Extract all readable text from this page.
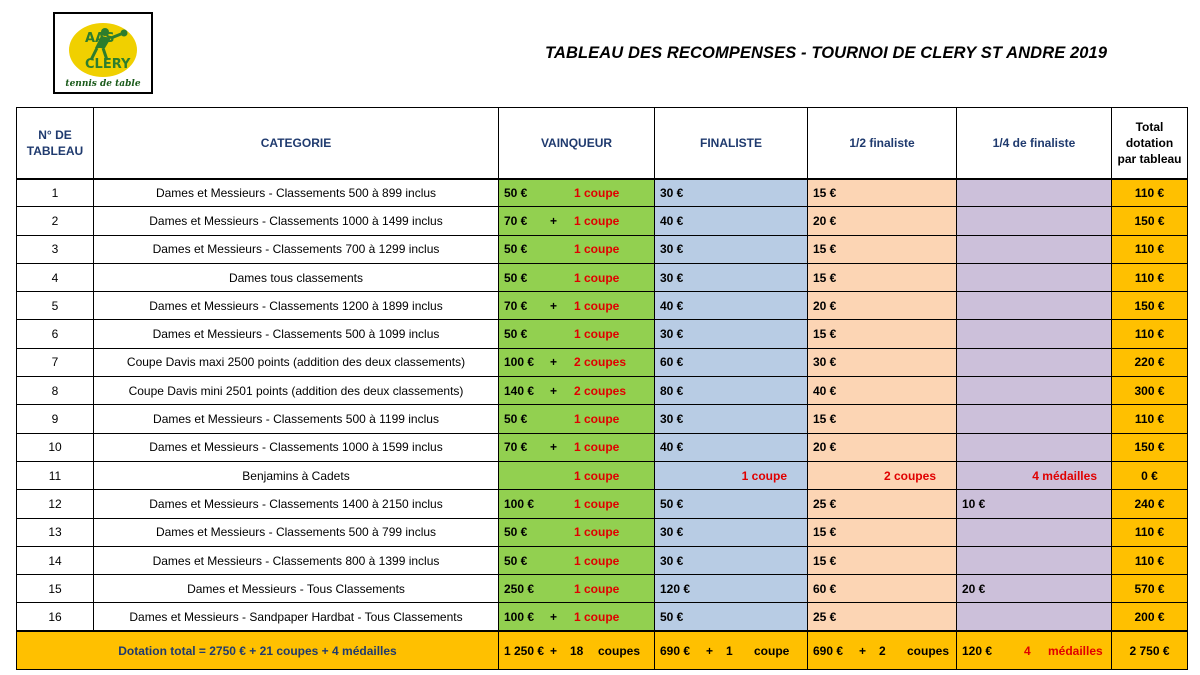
AAS
CLERY
tennis de table
TABLEAU DES RECOMPENSES - TOURNOI DE CLERY ST ANDRE 2019
N° DE TABLEAU	CATEGORIE	VAINQUEUR	FINALISTE	1/2 finaliste	1/4 de finaliste	Total dotation par tableau
1	Dames et Messieurs - Classements 500 à 899 inclus	50 € 1 coupe	30 €	15 €		110 €
2	Dames et Messieurs - Classements 1000 à 1499 inclus	70 € + 1 coupe	40 €	20 €		150 €
3	Dames et Messieurs - Classements 700 à 1299 inclus	50 € 1 coupe	30 €	15 €		110 €
4	Dames tous classements	50 € 1 coupe	30 €	15 €		110 €
5	Dames et Messieurs - Classements 1200 à 1899 inclus	70 € + 1 coupe	40 €	20 €		150 €
6	Dames et Messieurs - Classements 500 à 1099 inclus	50 € 1 coupe	30 €	15 €		110 €
7	Coupe Davis maxi 2500 points (addition des deux classements)	100 € + 2 coupes	60 €	30 €		220 €
8	Coupe Davis mini 2501 points (addition des deux classements)	140 € + 2 coupes	80 €	40 €		300 €
9	Dames et Messieurs - Classements 500 à 1199 inclus	50 € 1 coupe	30 €	15 €		110 €
10	Dames et Messieurs - Classements 1000 à 1599 inclus	70 € + 1 coupe	40 €	20 €		150 €
11	Benjamins à Cadets	1 coupe	1 coupe	2 coupes	4 médailles	0 €
12	Dames et Messieurs - Classements 1400 à 2150 inclus	100 € 1 coupe	50 €	25 €	10 €	240 €
13	Dames et Messieurs - Classements 500 à 799 inclus	50 € 1 coupe	30 €	15 €		110 €
14	Dames et Messieurs - Classements 800 à 1399 inclus	50 € 1 coupe	30 €	15 €		110 €
15	Dames et Messieurs - Tous Classements	250 € 1 coupe	120 €	60 €	20 €	570 €
16	Dames et Messieurs - Sandpaper Hardbat - Tous Classements	100 € + 1 coupe	50 €	25 €		200 €
Dotation total = 2750 € + 21 coupes + 4 médailles		1 250 € + 18 coupes	690 € + 1 coupe	690 € + 2 coupes	120 € 4 médailles	2 750 €
